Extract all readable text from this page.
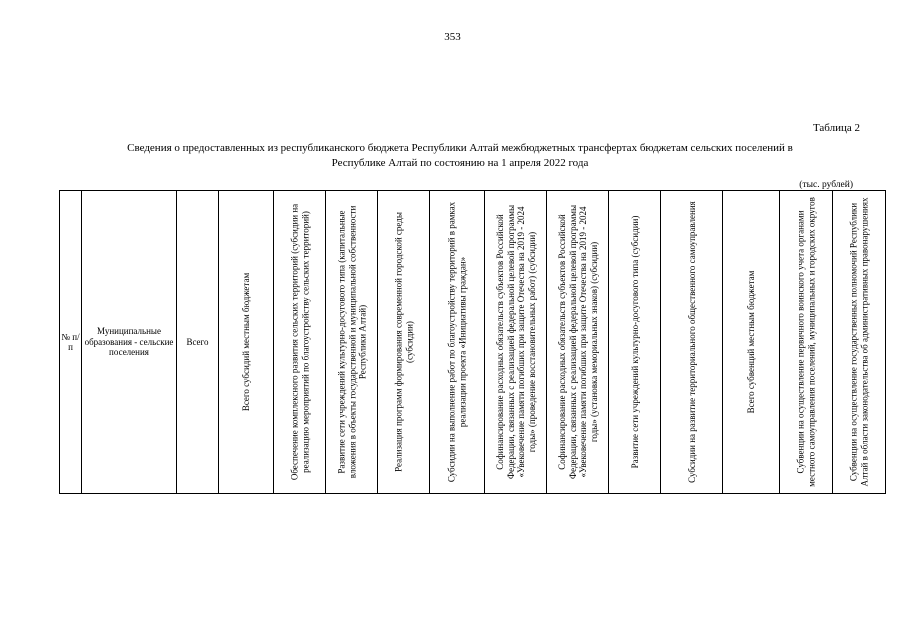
353
Таблица 2
Сведения о предоставленных из республиканского бюджета Республики Алтай межбюджетных трансфертах бюджетам сельских поселений в
Республике Алтай по состоянию на 1 апреля 2022 года
(тыс. рублей)
№ п/п	Муниципальные образования - сельские поселения	Всего	Всего субсидий местным бюджетам	Обеспечение комплексного развития сельских территорий (субсидии на реализацию мероприятий по благоустройству сельских территорий)	Развитие сети учреждений культурно-досугового типа (капитальные вложения в объекты государственной и муниципальной собственности Республики Алтай)	Реализация программ формирования современной городской среды (субсидии)	Субсидии на выполнение работ по благоустройству территорий в рамках реализации проекта «Инициативы граждан»	Софинансирование расходных обязательств субъектов Российской Федерации, связанных с реализацией федеральной целевой программы «Увековечение памяти погибших при защите Отечества на 2019 - 2024 годы» (проведение восстановительных работ) (субсидии)	Софинансирование расходных обязательств субъектов Российской Федерации, связанных с реализацией федеральной целевой программы «Увековечение памяти погибших при защите Отечества на 2019 - 2024 годы» (установка мемориальных знаков) (субсидии)	Развитие сети учреждений культурно-досугового типа (субсидии)	Субсидии на развитие территориального общественного самоуправления	Всего субвенций местным бюджетам	Субвенции на осуществление первичного воинского учета органами местного самоуправления поселений, муниципальных и городских округов	Субвенции на осуществление государственных полномочий Республики Алтай в области законодательства об административных правонарушениях
